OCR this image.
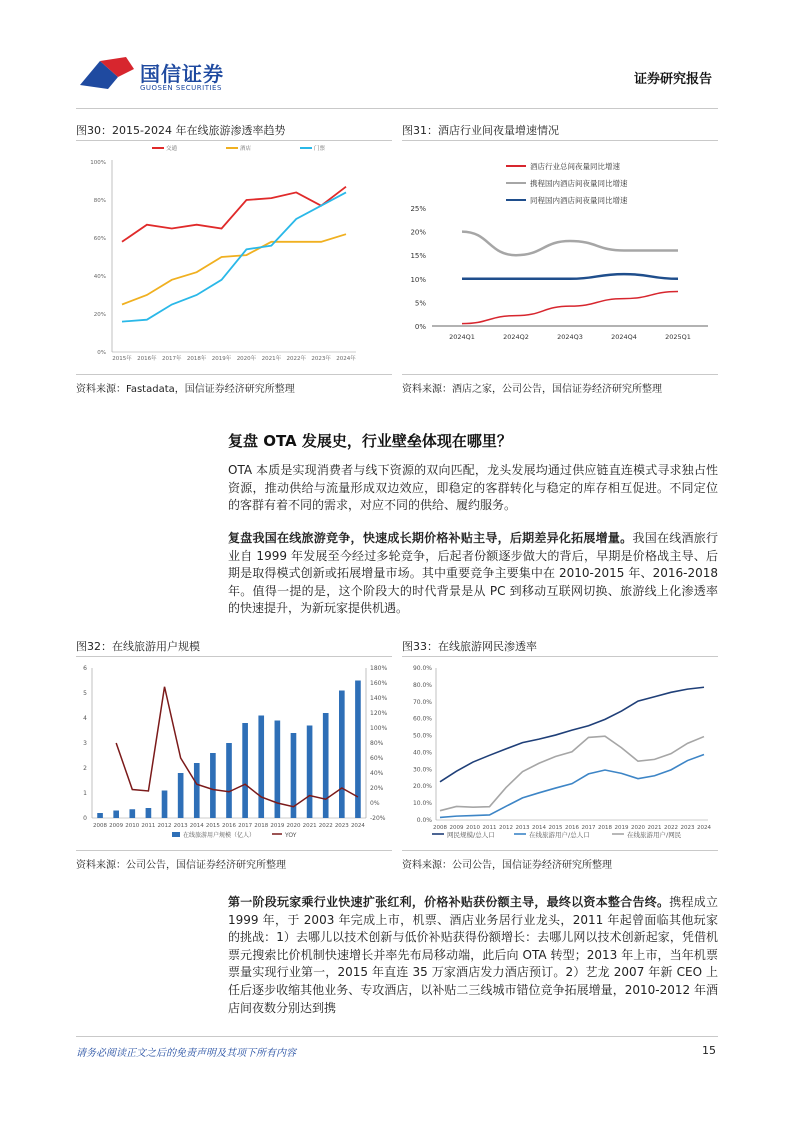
国信证券
GUOSEN SECURITIES
证券研究报告
图30：2015-2024 年在线旅游渗透率趋势
0%
20%
40%
60%
80%
100%
2015年 2016年 2017年 2018年 2019年 2020年 2021年 2022年 2023年 2024年
交通	酒店	门票
资料来源：Fastadata，国信证券经济研究所整理
图31：酒店行业间夜量增速情况
0%
5%
10%
15%
20%
25%
2024Q1	2024Q2	2024Q3	2024Q4	2025Q1
酒店行业总间夜量同比增速
携程国内酒店间夜量同比增速
同程国内酒店间夜量同比增速
资料来源：酒店之家，公司公告，国信证券经济研究所整理
复盘 OTA 发展史，行业壁垒体现在哪里？
OTA 本质是实现消费者与线下资源的双向匹配，龙头发展均通过供应链直连模式寻求独占性资源，推动供给与流量形成双边效应，即稳定的客群转化与稳定的库存相互促进。不同定位的客群有着不同的需求，对应不同的供给、履约服务。
复盘我国在线旅游竞争，快速成长期价格补贴主导，后期差异化拓展增量。我国在线酒旅行业自 1999 年发展至今经过多轮竞争，后起者份额逐步做大的背后，早期是价格战主导、后期是取得模式创新或拓展增量市场。其中重要竞争主要集中在 2010-2015 年、2016-2018 年。值得一提的是，这个阶段大的时代背景是从 PC 到移动互联网切换、旅游线上化渗透率的快速提升，为新玩家提供机遇。
图32：在线旅游用户规模
0
1
2
3
4
5
6
-20%
0%
20%
40%
60%
80%
100%
120%
140%
160%
180%
2008 2009 2010 2011 2012 2013 2014 2015 2016 2017 2018 2019 2020 2021 2022 2023 2024
在线旅游用户规模（亿人）	YOY
资料来源：公司公告，国信证券经济研究所整理
图33：在线旅游网民渗透率
0.0%
10.0%
20.0%
30.0%
40.0%
50.0%
60.0%
70.0%
80.0%
90.0%
2008 2009 2010 2011 2012 2013 2014 2015 2016 2017 2018 2019 2020 2021 2022 2023 2024
网民规模/总人口	在线旅游用户/总人口	在线旅游用户/网民
资料来源：公司公告，国信证券经济研究所整理
第一阶段玩家乘行业快速扩张红利，价格补贴获份额主导，最终以资本整合告终。携程成立 1999 年，于 2003 年完成上市，机票、酒店业务居行业龙头，2011 年起曾面临其他玩家的挑战：1）去哪儿以技术创新与低价补贴获得份额增长：去哪儿网以技术创新起家，凭借机票元搜索比价机制快速增长并率先布局移动端，此后向 OTA 转型；2013 年上市，当年机票票量实现行业第一，2015 年直连 35 万家酒店发力酒店预订。2）艺龙 2007 年新 CEO 上任后逐步收缩其他业务、专攻酒店，以补贴二三线城市错位竞争拓展增量，2010-2012 年酒店间夜数分别达到携
请务必阅读正文之后的免责声明及其项下所有内容	15
